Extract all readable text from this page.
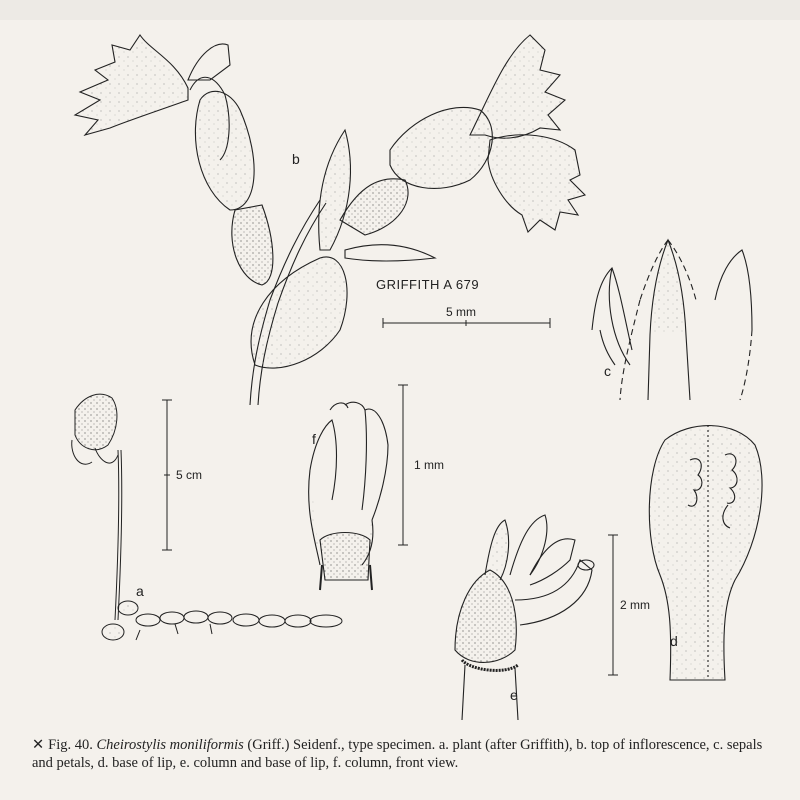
b
c
a
f
e
d
GRIFFITH A 679
5 mm
5 cm
1 mm
2 mm
✕ Fig. 40. Cheirostylis moniliformis (Griff.) Seidenf., type specimen. a. plant (after Griffith), b. top of inflorescence, c. sepals and petals, d. base of lip, e. column and base of lip, f. column, front view.
